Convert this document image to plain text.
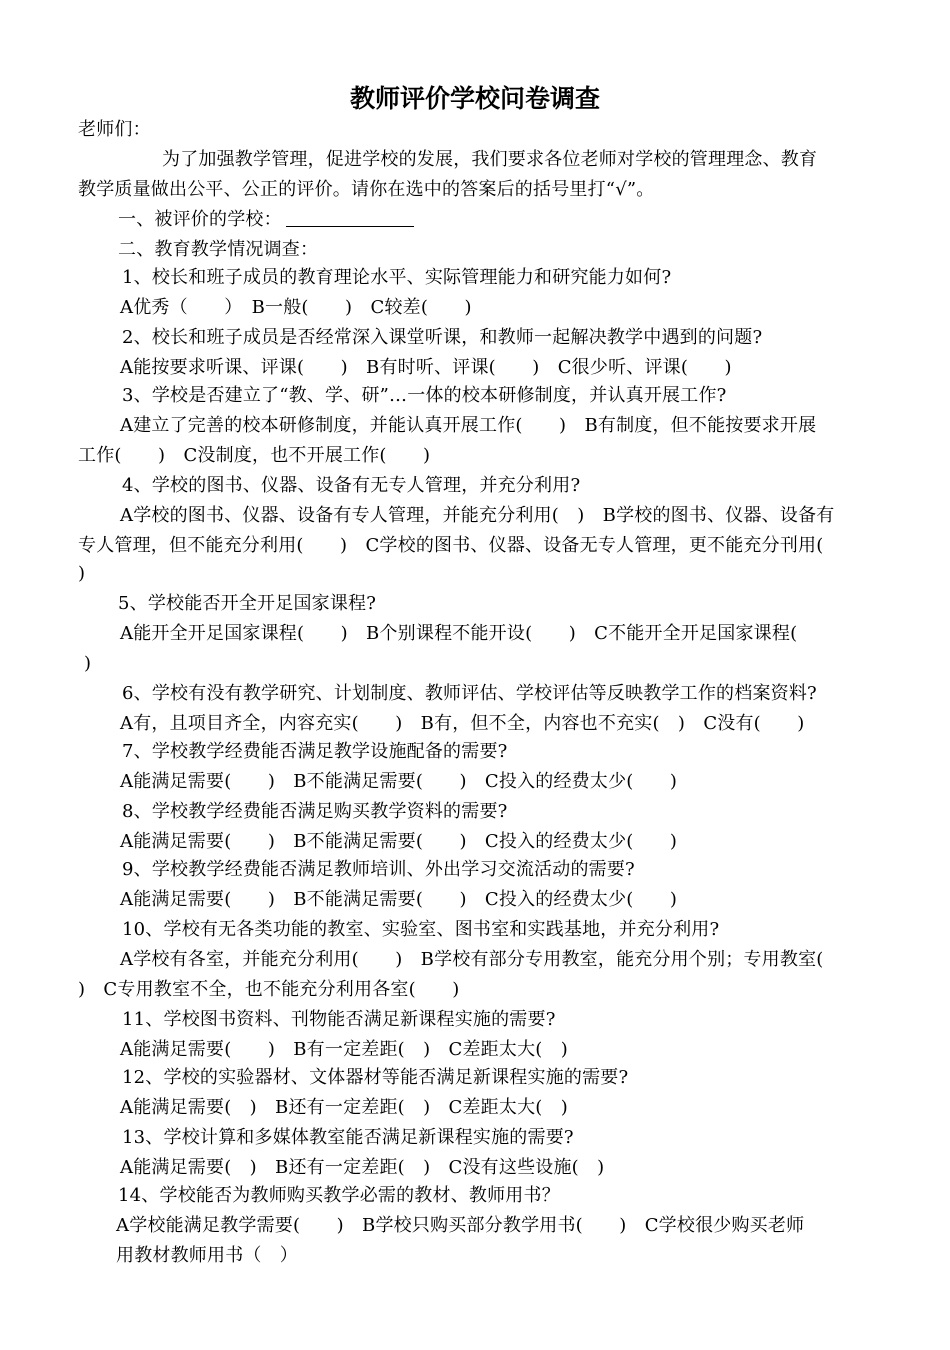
教师评价学校问卷调查
老师们：
为了加强教学管理，促进学校的发展，我们要求各位老师对学校的管理理念、教育
教学质量做出公平、公正的评价。请你在选中的答案后的括号里打“√”。
一、被评价的学校：
二、教育教学情况调查：
1、校长和班子成员的教育理论水平、实际管理能力和研究能力如何?
A优秀（　　）　B一般(　　)　C较差(　　)
2、校长和班子成员是否经常深入课堂听课，和教师一起解决教学中遇到的问题?
A能按要求听课、评课(　　)　B有时听、评课(　　)　C很少听、评课(　　)
3、学校是否建立了“教、学、研”…一体的校本研修制度，并认真开展工作?
A建立了完善的校本研修制度，并能认真开展工作(　　)　B有制度，但不能按要求开展
工作(　　)　C没制度，也不开展工作(　　)
4、学校的图书、仪器、设备有无专人管理，并充分利用?
A学校的图书、仪器、设备有专人管理，并能充分利用(　)　B学校的图书、仪器、设备有
专人管理，但不能充分利用(　　)　C学校的图书、仪器、设备无专人管理，更不能充分刊用(
)
5、学校能否开全开足国家课程?
A能开全开足国家课程(　　)　B个别课程不能开设(　　)　C不能开全开足国家课程(
)
6、学校有没有教学研究、计划制度、教师评估、学校评估等反映教学工作的档案资料?
A有，且项目齐全，内容充实(　　)　B有，但不全，内容也不充实(　)　C没有(　　)
7、学校教学经费能否满足教学设施配备的需要?
A能满足需要(　　)　B不能满足需要(　　)　C投入的经费太少(　　)
8、学校教学经费能否满足购买教学资料的需要?
A能满足需要(　　)　B不能满足需要(　　)　C投入的经费太少(　　)
9、学校教学经费能否满足教师培训、外出学习交流活动的需要?
A能满足需要(　　)　B不能满足需要(　　)　C投入的经费太少(　　)
10、学校有无各类功能的教室、实验室、图书室和实践基地，并充分利用?
A学校有各室，并能充分利用(　　)　B学校有部分专用教室，能充分用个别；专用教室(
)　C专用教室不全，也不能充分利用各室(　　)
11、学校图书资料、刊物能否满足新课程实施的需要?
A能满足需要(　　)　B有一定差距(　)　C差距太大(　)
12、学校的实验器材、文体器材等能否满足新课程实施的需要?
A能满足需要(　)　B还有一定差距(　)　C差距太大(　)
13、学校计算和多媒体教室能否满足新课程实施的需要?
A能满足需要(　)　B还有一定差距(　)　C没有这些设施(　)
14、学校能否为教师购买教学必需的教材、教师用书？
A学校能满足教学需要(　　)　B学校只购买部分教学用书(　　)　C学校很少购买老师
用教材教师用书（　）
